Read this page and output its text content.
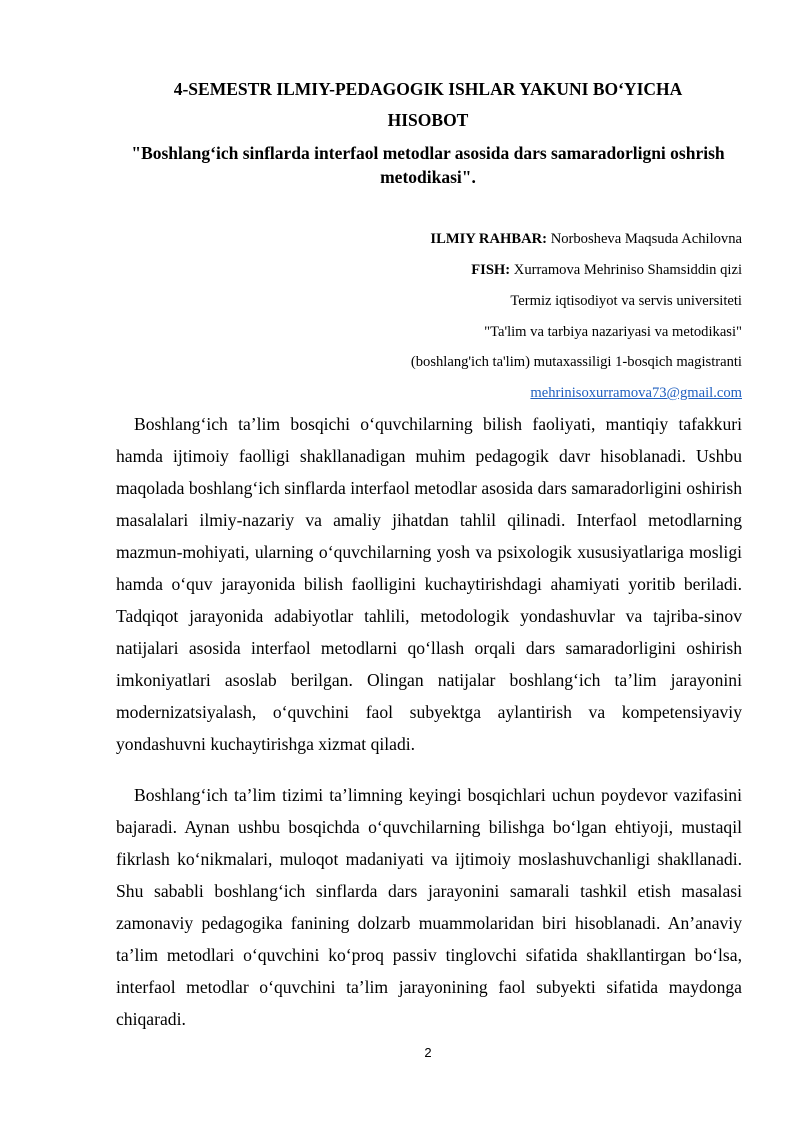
4-SEMESTR ILMIY-PEDAGOGIK ISHLAR YAKUNI BO‘YICHA
HISOBOT
"Boshlang‘ich sinflarda interfaol metodlar asosida dars samaradorligni oshrish metodikasi".
ILMIY RAHBAR: Norbosheva Maqsuda Achilovna
FISH: Xurramova Mehriniso Shamsiddin qizi
Termiz iqtisodiyot va servis universiteti
"Ta'lim va tarbiya nazariyasi va metodikasi"
(boshlang'ich ta'lim) mutaxassiligi 1-bosqich magistranti
mehrinisoxurramova73@gmail.com

Boshlang‘ich ta’lim bosqichi o‘quvchilarning bilish faoliyati, mantiqiy tafakkuri hamda ijtimoiy faolligi shakllanadigan muhim pedagogik davr hisoblanadi. Ushbu maqolada boshlang‘ich sinflarda interfaol metodlar asosida dars samaradorligini oshirish masalalari ilmiy-nazariy va amaliy jihatdan tahlil qilinadi. Interfaol metodlarning mazmun-mohiyati, ularning o‘quvchilarning yosh va psixologik xususiyatlariga mosligi hamda o‘quv jarayonida bilish faolligini kuchaytirishdagi ahamiyati yoritib beriladi. Tadqiqot jarayonida adabiyotlar tahlili, metodologik yondashuvlar va tajriba-sinov natijalari asosida interfaol metodlarni qo‘llash orqali dars samaradorligini oshirish imkoniyatlari asoslab berilgan. Olingan natijalar boshlang‘ich ta’lim jarayonini modernizatsiyalash, o‘quvchini faol subyektga aylantirish va kompetensiyaviy yondashuvni kuchaytirishga xizmat qiladi.

Boshlang‘ich ta’lim tizimi ta’limning keyingi bosqichlari uchun poydevor vazifasini bajaradi. Aynan ushbu bosqichda o‘quvchilarning bilishga bo‘lgan ehtiyoji, mustaqil fikrlash ko‘nikmalari, muloqot madaniyati va ijtimoiy moslashuvchanligi shakllanadi. Shu sababli boshlang‘ich sinflarda dars jarayonini samarali tashkil etish masalasi zamonaviy pedagogika fanining dolzarb muammolaridan biri hisoblanadi. An’anaviy ta’lim metodlari o‘quvchini ko‘proq passiv tinglovchi sifatida shakllantirgan bo‘lsa, interfaol metodlar o‘quvchini ta’lim jarayonining faol subyekti sifatida maydonga chiqaradi.

2
